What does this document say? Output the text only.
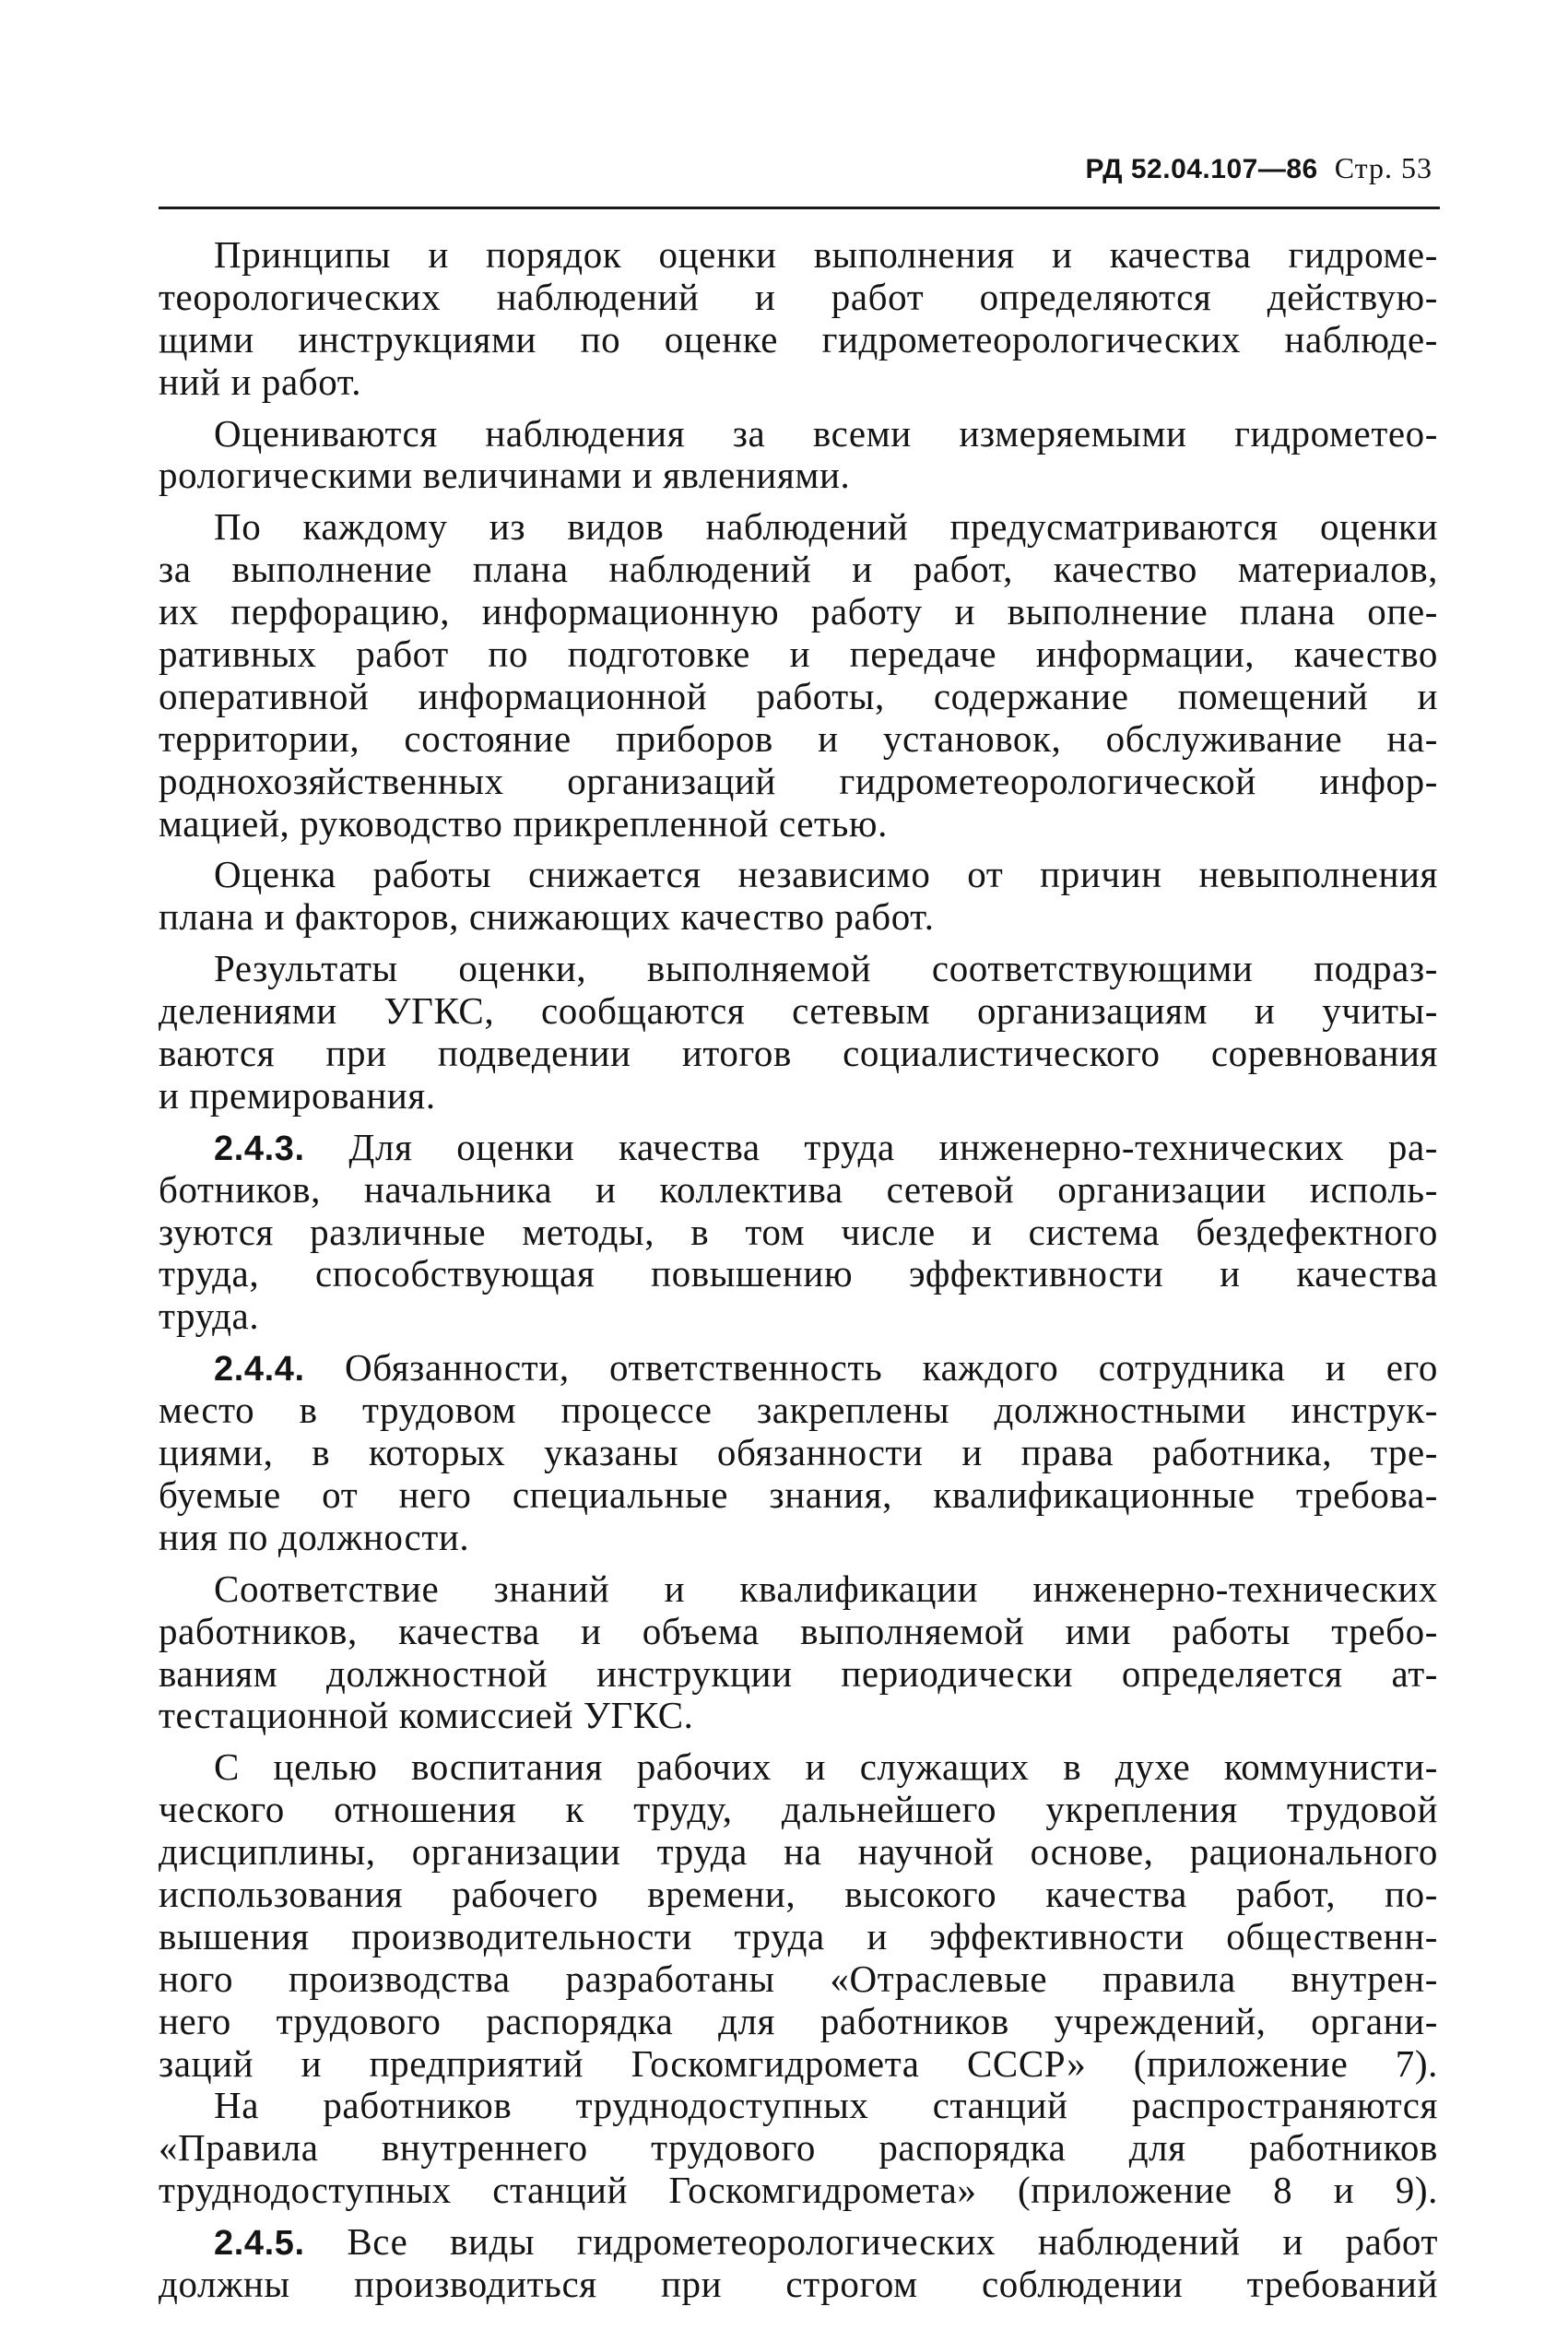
РД 52.04.107—86 Стр. 53
Принципы и порядок оценки выполнения и качества гидроме-
теорологических наблюдений и работ определяются действую-
щими инструкциями по оценке гидрометеорологических наблюде-
ний и работ.
Оцениваются наблюдения за всеми измеряемыми гидрометео-
рологическими величинами и явлениями.
По каждому из видов наблюдений предусматриваются оценки
за выполнение плана наблюдений и работ, качество материалов,
их перфорацию, информационную работу и выполнение плана опе-
ративных работ по подготовке и передаче информации, качество
оперативной информационной работы, содержание помещений и
территории, состояние приборов и установок, обслуживание на-
роднохозяйственных организаций гидрометеорологической инфор-
мацией, руководство прикрепленной сетью.
Оценка работы снижается независимо от причин невыполнения
плана и факторов, снижающих качество работ.
Результаты оценки, выполняемой соответствующими подраз-
делениями УГКС, сообщаются сетевым организациям и учиты-
ваются при подведении итогов социалистического соревнования
и премирования.
2.4.3. Для оценки качества труда инженерно-технических ра-
ботников, начальника и коллектива сетевой организации исполь-
зуются различные методы, в том числе и система бездефектного
труда, способствующая повышению эффективности и качества
труда.
2.4.4. Обязанности, ответственность каждого сотрудника и его
место в трудовом процессе закреплены должностными инструк-
циями, в которых указаны обязанности и права работника, тре-
буемые от него специальные знания, квалификационные требова-
ния по должности.
Соответствие знаний и квалификации инженерно-технических
работников, качества и объема выполняемой ими работы требо-
ваниям должностной инструкции периодически определяется ат-
тестационной комиссией УГКС.
С целью воспитания рабочих и служащих в духе коммунисти-
ческого отношения к труду, дальнейшего укрепления трудовой
дисциплины, организации труда на научной основе, рационального
использования рабочего времени, высокого качества работ, по-
вышения производительности труда и эффективности общественн-
ного производства разработаны «Отраслевые правила внутрен-
него трудового распорядка для работников учреждений, органи-
заций и предприятий Госкомгидромета СССР» (приложение 7).
На работников труднодоступных станций распространяются
«Правила внутреннего трудового распорядка для работников
труднодоступных станций Госкомгидромета» (приложение 8 и 9).
2.4.5. Все виды гидрометеорологических наблюдений и работ
должны производиться при строгом соблюдении требований
